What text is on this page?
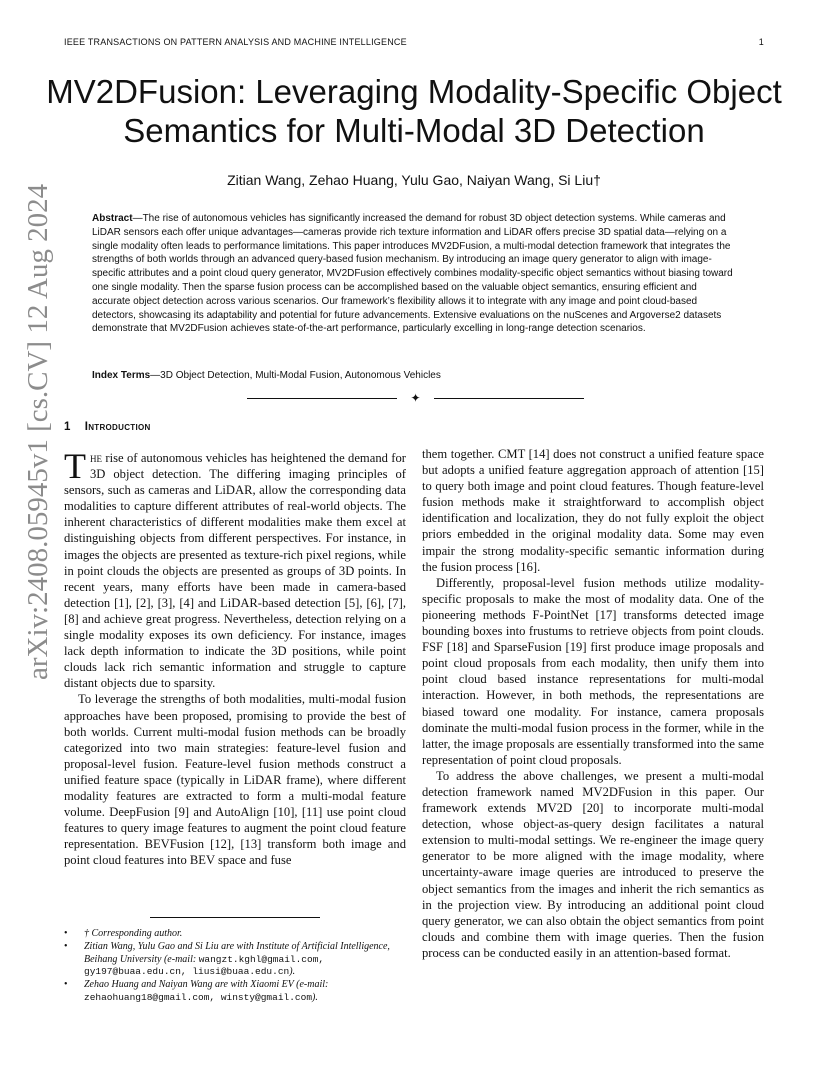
IEEE TRANSACTIONS ON PATTERN ANALYSIS AND MACHINE INTELLIGENCE	1
arXiv:2408.05945v1 [cs.CV] 12 Aug 2024
MV2DFusion: Leveraging Modality-Specific Object Semantics for Multi-Modal 3D Detection
Zitian Wang, Zehao Huang, Yulu Gao, Naiyan Wang, Si Liu†
Abstract—The rise of autonomous vehicles has significantly increased the demand for robust 3D object detection systems. While cameras and LiDAR sensors each offer unique advantages—cameras provide rich texture information and LiDAR offers precise 3D spatial data—relying on a single modality often leads to performance limitations. This paper introduces MV2DFusion, a multi-modal detection framework that integrates the strengths of both worlds through an advanced query-based fusion mechanism. By introducing an image query generator to align with image-specific attributes and a point cloud query generator, MV2DFusion effectively combines modality-specific object semantics without biasing toward one single modality. Then the sparse fusion process can be accomplished based on the valuable object semantics, ensuring efficient and accurate object detection across various scenarios. Our framework’s flexibility allows it to integrate with any image and point cloud-based detectors, showcasing its adaptability and potential for future advancements. Extensive evaluations on the nuScenes and Argoverse2 datasets demonstrate that MV2DFusion achieves state-of-the-art performance, particularly excelling in long-range detection scenarios.
Index Terms—3D Object Detection, Multi-Modal Fusion, Autonomous Vehicles
✦
1 Introduction

The rise of autonomous vehicles has heightened the demand for 3D object detection. The differing imaging principles of sensors, such as cameras and LiDAR, allow the corresponding data modalities to capture different attributes of real-world objects. The inherent characteristics of different modalities make them excel at distinguishing objects from different perspectives. For instance, in images the objects are presented as texture-rich pixel regions, while in point clouds the objects are presented as groups of 3D points. In recent years, many efforts have been made in camera-based detection [1], [2], [3], [4] and LiDAR-based detection [5], [6], [7], [8] and achieve great progress. Nevertheless, detection relying on a single modality exposes its own deficiency. For instance, images lack depth information to indicate the 3D positions, while point clouds lack rich semantic information and struggle to capture distant objects due to sparsity.

To leverage the strengths of both modalities, multi-modal fusion approaches have been proposed, promising to provide the best of both worlds. Current multi-modal fusion methods can be broadly categorized into two main strategies: feature-level fusion and proposal-level fusion. Feature-level fusion methods construct a unified feature space (typically in LiDAR frame), where different modality features are extracted to form a multi-modal feature volume. DeepFusion [9] and AutoAlign [10], [11] use point cloud features to query image features to augment the point cloud feature representation. BEVFusion [12], [13] transform both image and point cloud features into BEV space and fuse

them together. CMT [14] does not construct a unified feature space but adopts a unified feature aggregation approach of attention [15] to query both image and point cloud features. Though feature-level fusion methods make it straightforward to accomplish object identification and localization, they do not fully exploit the object priors embedded in the original modality data. Some may even impair the strong modality-specific semantic information during the fusion process [16].

Differently, proposal-level fusion methods utilize modality-specific proposals to make the most of modality data. One of the pioneering methods F-PointNet [17] transforms detected image bounding boxes into frustums to retrieve objects from point clouds. FSF [18] and SparseFusion [19] first produce image proposals and point cloud proposals from each modality, then unify them into point cloud based instance representations for multi-modal interaction. However, in both methods, the representations are biased toward one modality. For instance, camera proposals dominate the multi-modal fusion process in the former, while in the latter, the image proposals are essentially transformed into the same representation of point cloud proposals.

To address the above challenges, we present a multi-modal detection framework named MV2DFusion in this paper. Our framework extends MV2D [20] to incorporate multi-modal detection, whose object-as-query design facilitates a natural extension to multi-modal settings. We re-engineer the image query generator to be more aligned with the image modality, where uncertainty-aware image queries are introduced to preserve the object semantics from the images and inherit the rich semantics as in the projection view. By introducing an additional point cloud query generator, we can also obtain the object semantics from point clouds and combine them with image queries. Then the fusion process can be conducted easily in an attention-based format.

• † Corresponding author.
• Zitian Wang, Yulu Gao and Si Liu are with Institute of Artificial Intelligence, Beihang University (e-mail: wangzt.kghl@gmail.com, gy197@buaa.edu.cn, liusi@buaa.edu.cn).
• Zehao Huang and Naiyan Wang are with Xiaomi EV (e-mail: zehaohuang18@gmail.com, winsty@gmail.com).
